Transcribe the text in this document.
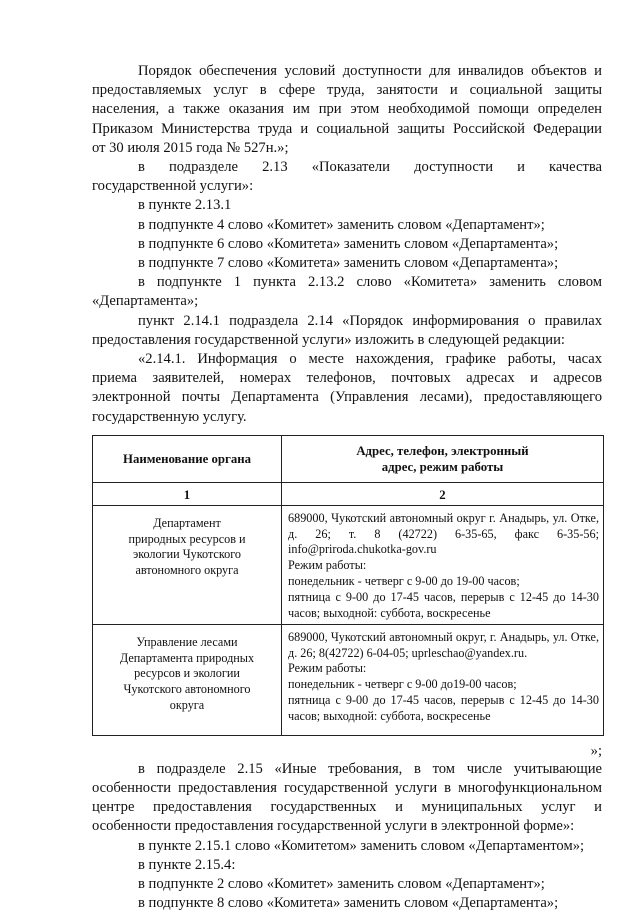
Порядок обеспечения условий доступности для инвалидов объектов и

предоставляемых услуг в сфере труда, занятости и социальной защиты

населения, а также оказания им при этом необходимой помощи определен

Приказом Министерства труда и социальной защиты Российской Федерации

от 30 июля 2015 года № 527н.»;

в подразделе 2.13 «Показатели доступности и качества

государственной услуги»:

в пункте 2.13.1

в подпункте 4 слово «Комитет» заменить словом «Департамент»;

в подпункте 6 слово «Комитета» заменить словом «Департамента»;

в подпункте 7 слово «Комитета» заменить словом «Департамента»;

в подпункте 1 пункта 2.13.2 слово «Комитета» заменить словом

«Департамента»;

пункт 2.14.1 подраздела 2.14 «Порядок информирования о правилах

предоставления государственной услуги» изложить в следующей редакции:

«2.14.1. Информация о месте нахождения, графике работы, часах

приема заявителей, номерах телефонов, почтовых адресах и адресов

электронной почты Департамента (Управления лесами), предоставляющего

государственную услугу.

Наименование органа	Адрес, телефон, электронный адрес, режим работы

1	2

Департамент природных ресурсов и экологии Чукотского автономного округа	689000, Чукотский автономный округ г. Анадырь, ул. Отке, д. 26; т. 8 (42722) 6-35-65, факс 6-35-56; info@priroda.chukotka-gov.ru
Режим работы:
понедельник - четверг с 9-00 до 19-00 часов;
пятница с 9-00 до 17-45 часов, перерыв с 12-45 до 14-30 часов; выходной: суббота, воскресенье

Управление лесами Департамента природных ресурсов и экологии Чукотского автономного округа	689000, Чукотский автономный округ, г. Анадырь, ул. Отке, д. 26; 8(42722) 6-04-05; uprleschao@yandex.ru.
Режим работы:
понедельник - четверг с 9-00 до19-00 часов;
пятница с 9-00 до 17-45 часов, перерыв с 12-45 до 14-30 часов; выходной: суббота, воскресенье

»;

в подразделе 2.15 «Иные требования, в том числе учитывающие

особенности предоставления государственной услуги в многофункциональном

центре предоставления государственных и муниципальных услуг и

особенности предоставления государственной услуги в электронной форме»:

в пункте 2.15.1 слово «Комитетом» заменить словом «Департаментом»;

в пункте 2.15.4:

в подпункте 2 слово «Комитет» заменить словом «Департамент»;

в подпункте 8 слово «Комитета» заменить словом «Департамента»;
